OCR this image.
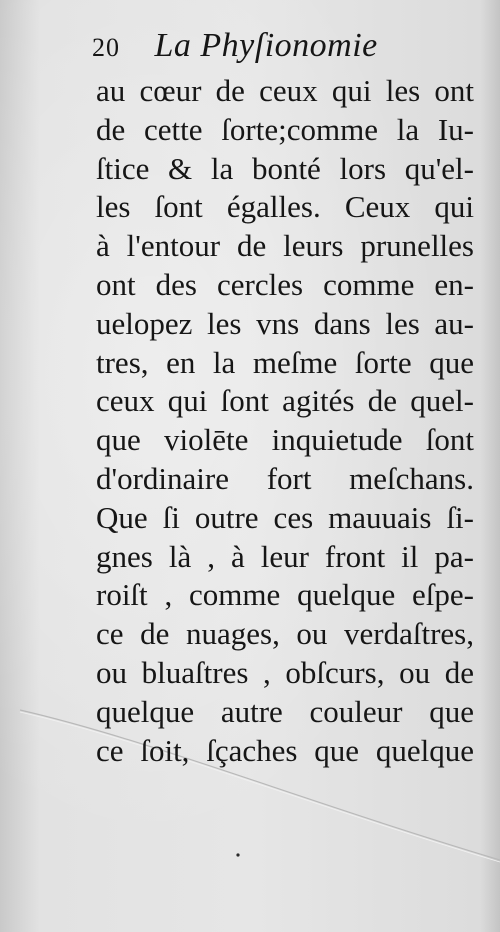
20 La Phyſionomie
au cœur de ceux qui les ont
de cette ſorte;comme la Iu-
ſtice & la bonté lors qu'el-
les ſont égalles. Ceux qui
à l'entour de leurs prunelles
ont des cercles comme en-
uelopez les vns dans les au-
tres, en la meſme ſorte que
ceux qui ſont agités de quel-
que violēte inquietude ſont
d'ordinaire fort meſchans.
Que ſi outre ces mauuais ſi-
gnes là , à leur front il pa-
roiſt , comme quelque eſpe-
ce de nuages, ou verdaſtres,
ou bluaſtres , obſcurs, ou de
quelque autre couleur que
ce ſoit, ſçaches que quelque
